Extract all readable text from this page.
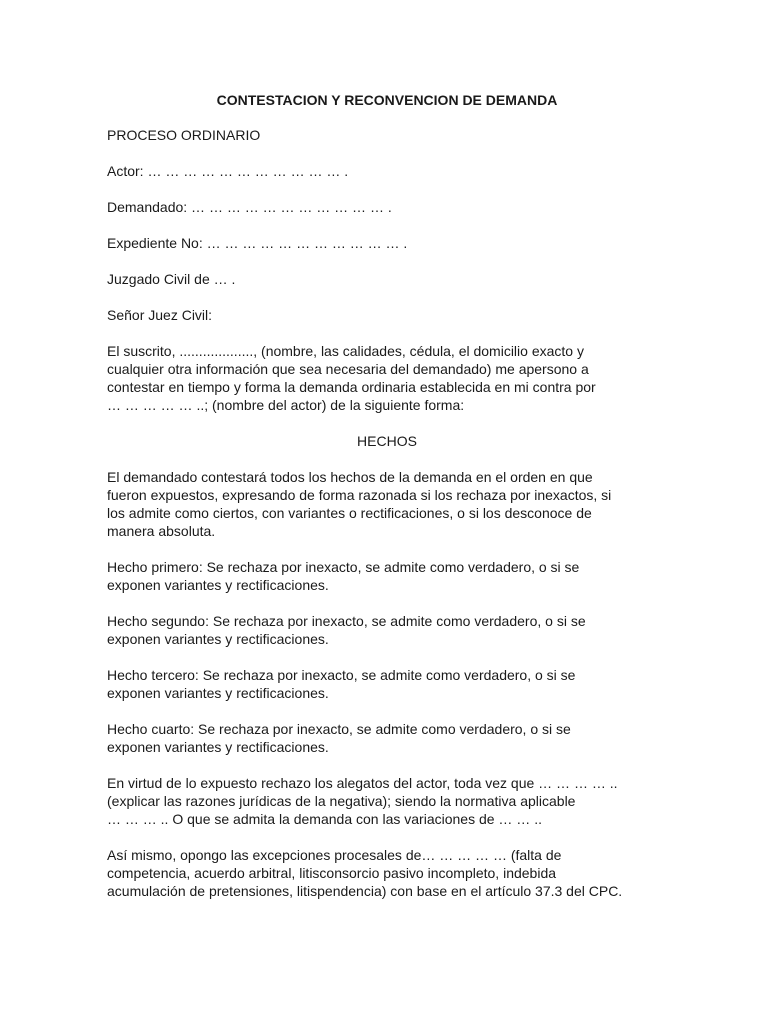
CONTESTACION Y RECONVENCION DE DEMANDA

PROCESO ORDINARIO

Actor: … … … … … … … … … … … .

Demandado: … … … … … … … … … … … .

Expediente No: … … … … … … … … … … … .

Juzgado Civil de … .

Señor Juez Civil:

El suscrito, ..................., (nombre, las calidades, cédula, el domicilio exacto y
cualquier otra información que sea necesaria del demandado) me apersono a
contestar en tiempo y forma la demanda ordinaria establecida en mi contra por
… … … … … ..; (nombre del actor) de la siguiente forma:

HECHOS

El demandado contestará todos los hechos de la demanda en el orden en que
fueron expuestos, expresando de forma razonada si los rechaza por inexactos, si
los admite como ciertos, con variantes o rectificaciones, o si los desconoce de
manera absoluta.

Hecho primero: Se rechaza por inexacto, se admite como verdadero, o si se
exponen variantes y rectificaciones.

Hecho segundo: Se rechaza por inexacto, se admite como verdadero, o si se
exponen variantes y rectificaciones.

Hecho tercero: Se rechaza por inexacto, se admite como verdadero, o si se
exponen variantes y rectificaciones.

Hecho cuarto: Se rechaza por inexacto, se admite como verdadero, o si se
exponen variantes y rectificaciones.

En virtud de lo expuesto rechazo los alegatos del actor, toda vez que … … … … ..
(explicar las razones jurídicas de la negativa); siendo la normativa aplicable
… … … .. O que se admita la demanda con las variaciones de … … ..

Así mismo, opongo las excepciones procesales de… … … … … (falta de
competencia, acuerdo arbitral, litisconsorcio pasivo incompleto, indebida
acumulación de pretensiones, litispendencia) con base en el artículo 37.3 del CPC.
